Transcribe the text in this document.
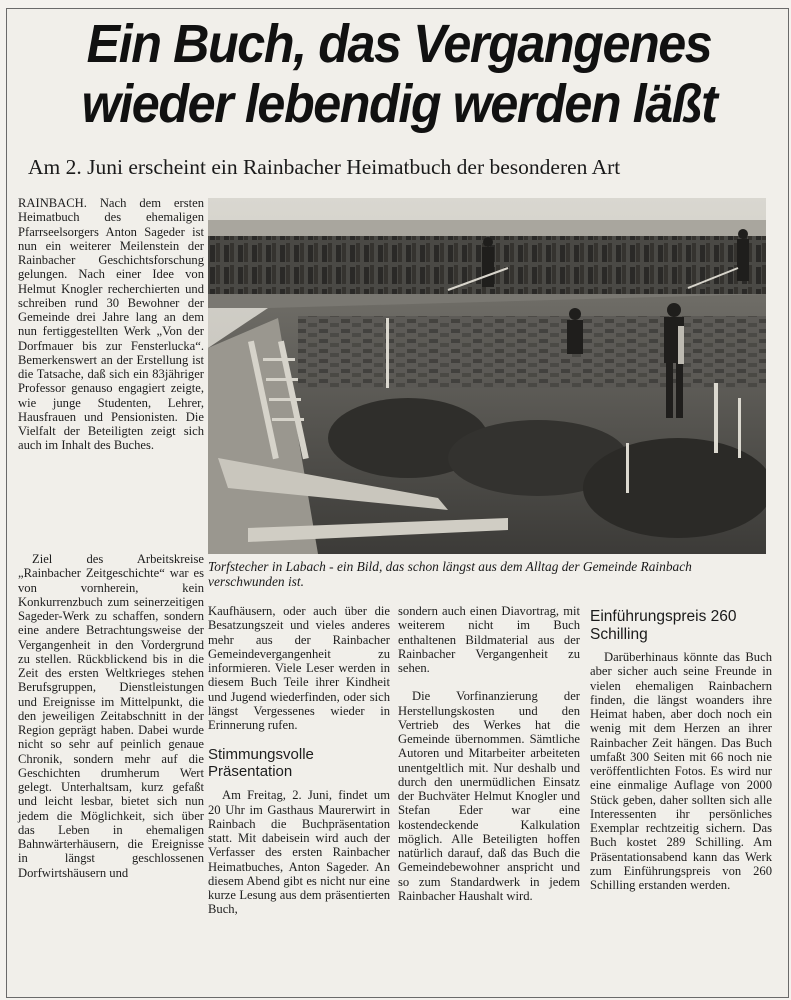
Ein Buch, das Vergangenes
wieder lebendig werden läßt
Am 2. Juni erscheint ein Rainbacher Heimatbuch der besonderen Art
Torfstecher in Labach - ein Bild, das schon längst aus dem Alltag der Gemeinde Rainbach verschwunden ist.

RAINBACH. Nach dem ersten Heimatbuch des ehemaligen Pfarrseelsorgers Anton Sageder ist nun ein weiterer Meilenstein der Rainbacher Geschichtsforschung gelungen. Nach einer Idee von Helmut Knogler recherchierten und schreiben rund 30 Bewohner der Gemeinde drei Jahre lang an dem nun fertiggestellten Werk „Von der Dorfmauer bis zur Fensterlucka“. Bemerkenswert an der Erstellung ist die Tatsache, daß sich ein 83jähriger Professor genauso engagiert zeigte, wie junge Studenten, Lehrer, Hausfrauen und Pensionisten. Die Vielfalt der Beteiligten zeigt sich auch im Inhalt des Buches.

Ziel des Arbeitskreise „Rainbacher Zeitgeschichte“ war es von vornherein, kein Konkurrenzbuch zum seinerzeitigen Sageder-Werk zu schaffen, sondern eine andere Betrachtungsweise der Vergangenheit in den Vordergrund zu stellen. Rückblickend bis in die Zeit des ersten Weltkrieges stehen Berufsgruppen, Dienstleistungen und Ereignisse im Mittelpunkt, die den jeweiligen Zeitabschnitt in der Region geprägt haben. Dabei wurde nicht so sehr auf peinlich genaue Chronik, sondern mehr auf die Geschichten drumherum Wert gelegt. Unterhaltsam, kurz gefaßt und leicht lesbar, bietet sich nun jedem die Möglichkeit, sich über das Leben in ehemaligen Bahnwärterhäusern, die Ereignisse in längst geschlossenen Dorfwirtshäusern und

Kaufhäusern, oder auch über die Besatzungszeit und vieles anderes mehr aus der Rainbacher Gemeindevergangenheit zu informieren. Viele Leser werden in diesem Buch Teile ihrer Kindheit und Jugend wiederfinden, oder sich längst Vergessenes wieder in Erinnerung rufen.

Stimmungsvolle Präsentation

Am Freitag, 2. Juni, findet um 20 Uhr im Gasthaus Maurerwirt in Rainbach die Buchpräsentation statt. Mit dabeisein wird auch der Verfasser des ersten Rainbacher Heimatbuches, Anton Sageder. An diesem Abend gibt es nicht nur eine kurze Lesung aus dem präsentierten Buch,

sondern auch einen Diavortrag, mit weiterem nicht im Buch enthaltenen Bildmaterial aus der Rainbacher Vergangenheit zu sehen.

Die Vorfinanzierung der Herstellungskosten und den Vertrieb des Werkes hat die Gemeinde übernommen. Sämtliche Autoren und Mitarbeiter arbeiteten unentgeltlich mit. Nur deshalb und durch den unermüdlichen Einsatz der Buchväter Helmut Knogler und Stefan Eder war eine kostendeckende Kalkulation möglich. Alle Beteiligten hoffen natürlich darauf, daß das Buch die Gemeindebewohner anspricht und so zum Standardwerk in jedem Rainbacher Haushalt wird.

Einführungspreis 260 Schilling

Darüberhinaus könnte das Buch aber sicher auch seine Freunde in vielen ehemaligen Rainbachern finden, die längst woanders ihre Heimat haben, aber doch noch ein wenig mit dem Herzen an ihrer Rainbacher Zeit hängen. Das Buch umfaßt 300 Seiten mit 66 noch nie veröffentlichten Fotos. Es wird nur eine einmalige Auflage von 2000 Stück geben, daher sollten sich alle Interessenten ihr persönliches Exemplar rechtzeitig sichern. Das Buch kostet 289 Schilling. Am Präsentationsabend kann das Werk zum Einführungspreis von 260 Schilling erstanden werden.
